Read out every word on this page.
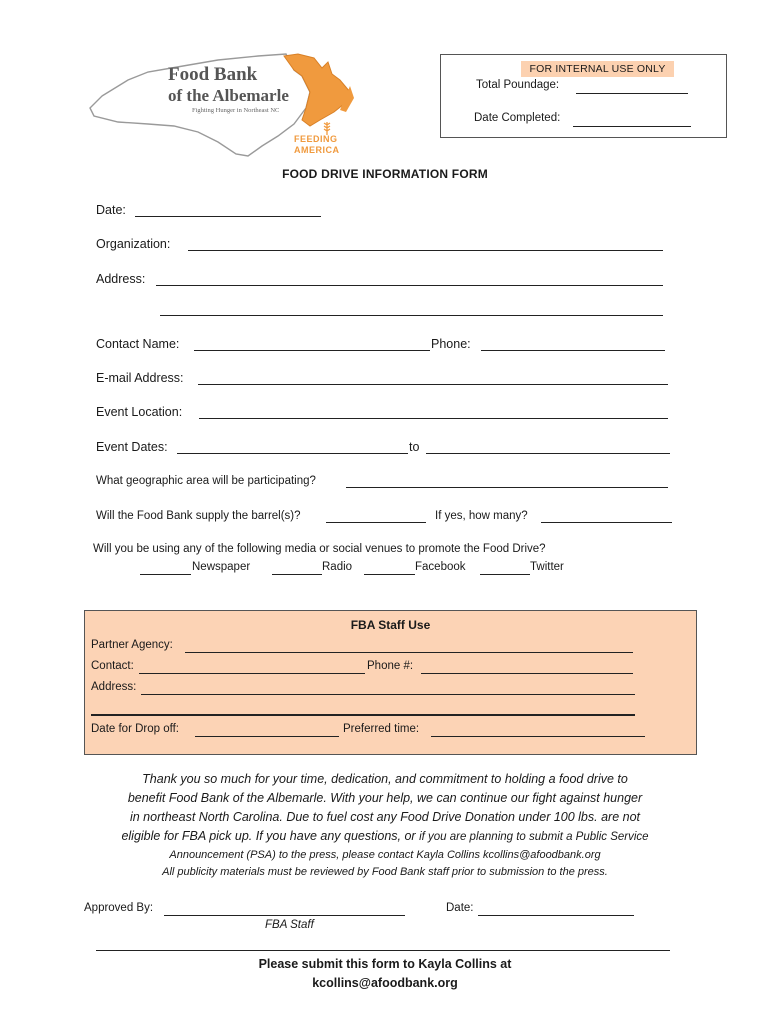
Food Bank
of the Albemarle
Fighting Hunger in Northeast NC
FEEDING
AMERICA
FOR INTERNAL USE ONLY
Total Poundage:
Date Completed:
FOOD DRIVE INFORMATION FORM
Date:
Organization:
Address:
Contact Name:	Phone:
E-mail Address:
Event Location:
Event Dates:	to
What geographic area will be participating?
Will the Food Bank supply the barrel(s)?	If yes, how many?
Will you be using any of the following media or social venues to promote the Food Drive?
Newspaper	Radio	Facebook	Twitter
FBA Staff Use
Partner Agency:
Contact:	Phone #:
Address:
Date for Drop off:	Preferred time:
Thank you so much for your time, dedication, and commitment to holding a food drive to
benefit Food Bank of the Albemarle. With your help, we can continue our fight against hunger
in northeast North Carolina. Due to fuel cost any Food Drive Donation under 100 lbs. are not
eligible for FBA pick up. If you have any questions, or if you are planning to submit a Public Service
Announcement (PSA) to the press, please contact Kayla Collins kcollins@afoodbank.org
All publicity materials must be reviewed by Food Bank staff prior to submission to the press.
Approved By:	Date:
FBA Staff
Please submit this form to Kayla Collins at
kcollins@afoodbank.org
